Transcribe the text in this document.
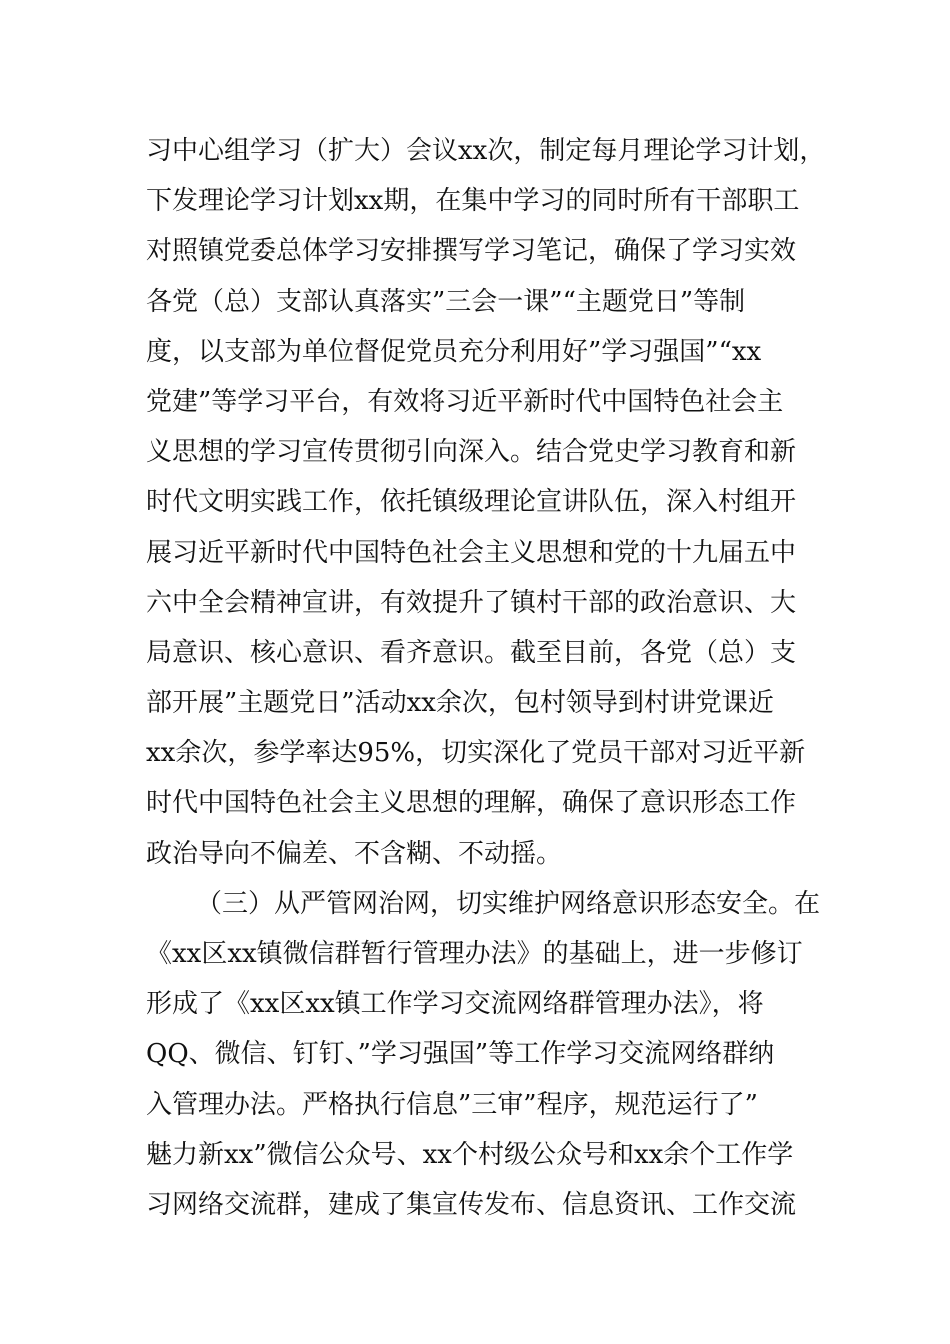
习中心组学习（扩大）会议xx次，制定每月理论学习计划，
下发理论学习计划xx期，在集中学习的同时所有干部职工
对照镇党委总体学习安排撰写学习笔记，确保了学习实效
各党（总）支部认真落实”三会一课”“主题党日”等制
度，以支部为单位督促党员充分利用好”学习强国”“xx
党建”等学习平台，有效将习近平新时代中国特色社会主
义思想的学习宣传贯彻引向深入。结合党史学习教育和新
时代文明实践工作，依托镇级理论宣讲队伍，深入村组开
展习近平新时代中国特色社会主义思想和党的十九届五中
六中全会精神宣讲，有效提升了镇村干部的政治意识、大
局意识、核心意识、看齐意识。截至目前，各党（总）支
部开展”主题党日”活动xx余次，包村领导到村讲党课近
xx余次，参学率达95%，切实深化了党员干部对习近平新
时代中国特色社会主义思想的理解，确保了意识形态工作
政治导向不偏差、不含糊、不动摇。
（三）从严管网治网，切实维护网络意识形态安全。在
《xx区xx镇微信群暂行管理办法》的基础上，进一步修订
形成了《xx区xx镇工作学习交流网络群管理办法》，将
QQ、微信、钉钉、”学习强国”等工作学习交流网络群纳
入管理办法。严格执行信息”三审”程序，规范运行了”
魅力新xx”微信公众号、xx个村级公众号和xx余个工作学
习网络交流群，建成了集宣传发布、信息资讯、工作交流
